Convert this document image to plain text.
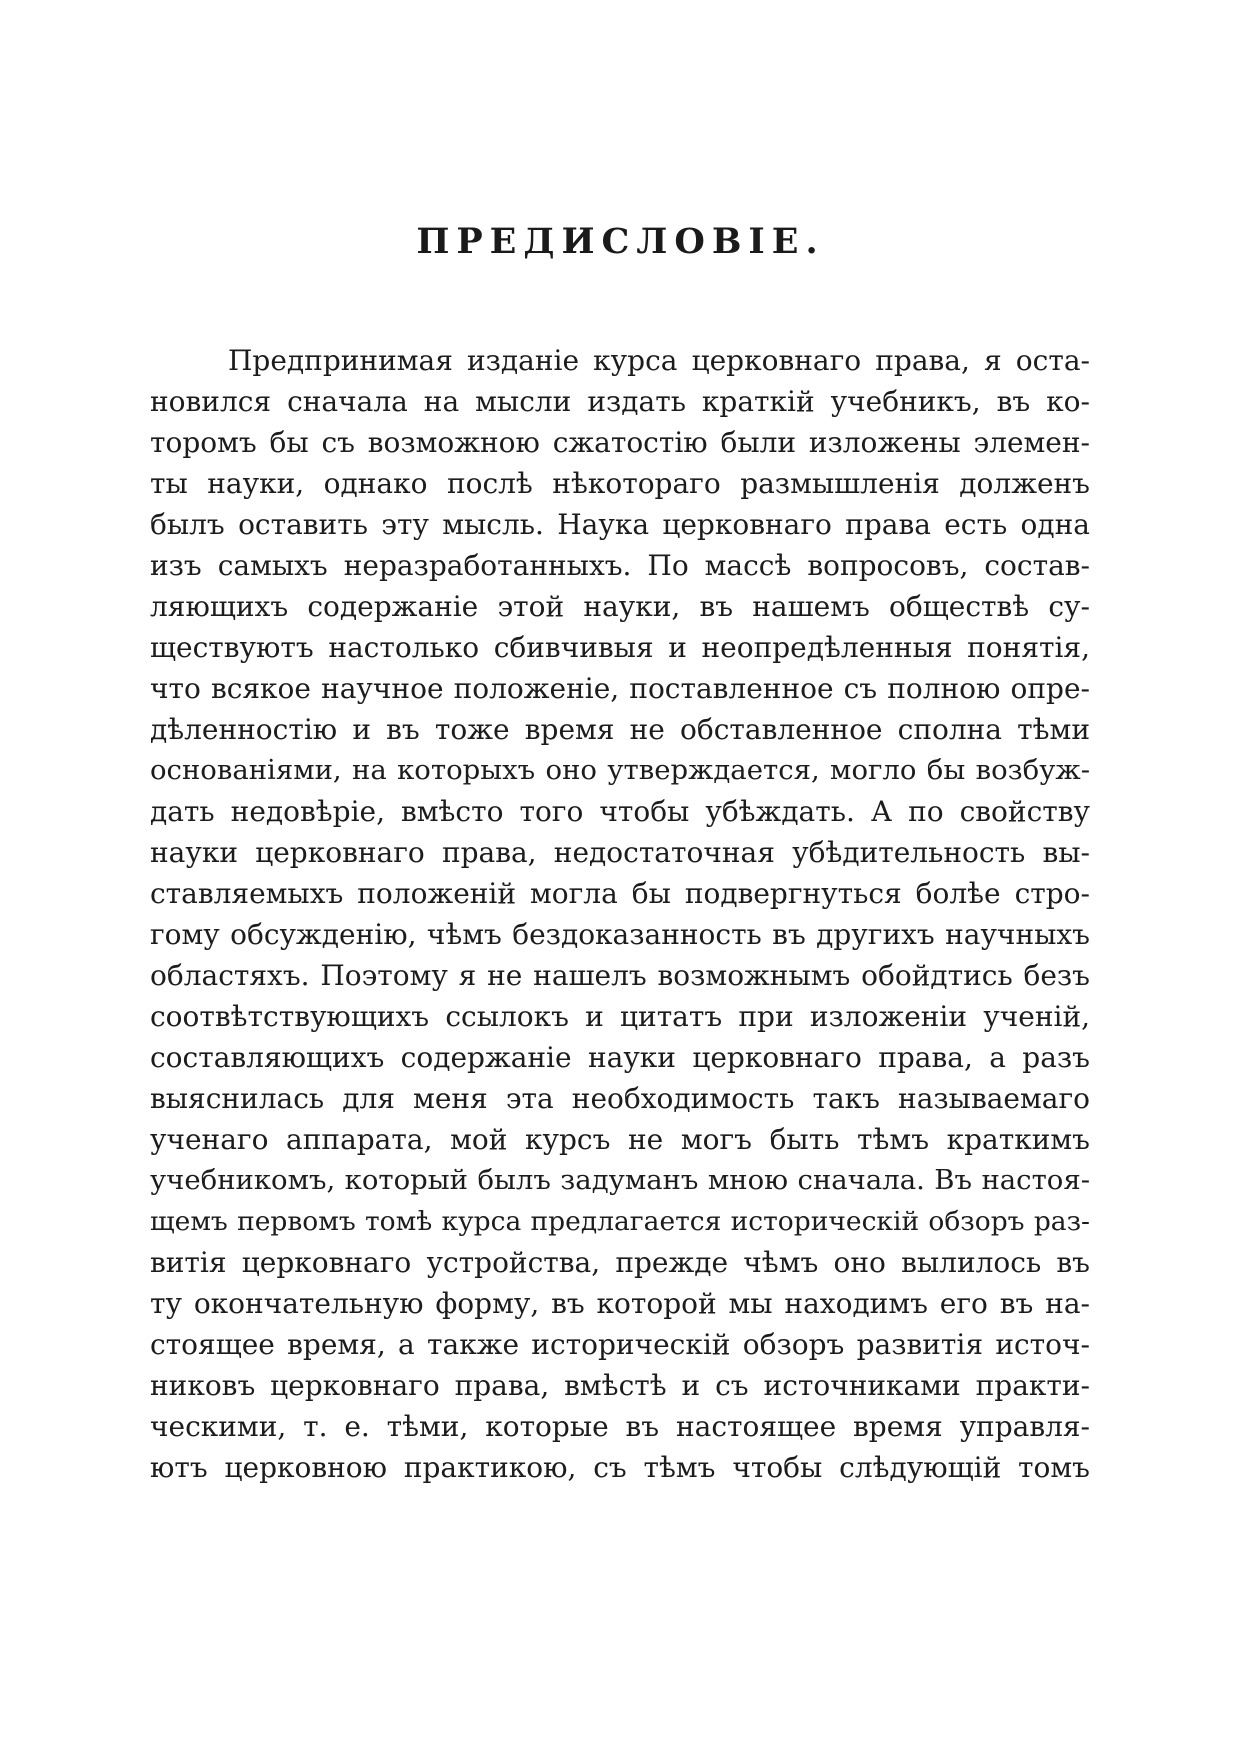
ПРЕДИСЛОВІЕ.
Предпринимая изданіе курса церковнаго права, я оста-
новился сначала на мысли издать краткій учебникъ, въ ко-
торомъ бы съ возможною сжатостію были изложены элемен-
ты науки, однако послѣ нѣкотораго размышленія долженъ
былъ оставить эту мысль. Наука церковнаго права есть одна
изъ самыхъ неразработанныхъ. По массѣ вопросовъ, состав-
ляющихъ содержаніе этой науки, въ нашемъ обществѣ су-
ществуютъ настолько сбивчивыя и неопредѣленныя понятія,
что всякое научное положеніе, поставленное съ полною опре-
дѣленностію и въ тоже время не обставленное сполна тѣми
основаніями, на которыхъ оно утверждается, могло бы возбуж-
дать недовѣріе, вмѣсто того чтобы убѣждать. А по свойству
науки церковнаго права, недостаточная убѣдительность вы-
ставляемыхъ положеній могла бы подвергнуться болѣе стро-
гому обсужденію, чѣмъ бездоказанность въ другихъ научныхъ
областяхъ. Поэтому я не нашелъ возможнымъ обойдтись безъ
соотвѣтствующихъ ссылокъ и цитатъ при изложеніи ученій,
составляющихъ содержаніе науки церковнаго права, а разъ
выяснилась для меня эта необходимость такъ называемаго
ученаго аппарата, мой курсъ не могъ быть тѣмъ краткимъ
учебникомъ, который былъ задуманъ мною сначала. Въ настоя-
щемъ первомъ томѣ курса предлагается историческій обзоръ раз-
витія церковнаго устройства, прежде чѣмъ оно вылилось въ
ту окончательную форму, въ которой мы находимъ его въ на-
стоящее время, а также историческій обзоръ развитія источ-
никовъ церковнаго права, вмѣстѣ и съ источниками практи-
ческими, т. е. тѣми, которые въ настоящее время управля-
ютъ церковною практикою, съ тѣмъ чтобы слѣдующій томъ
